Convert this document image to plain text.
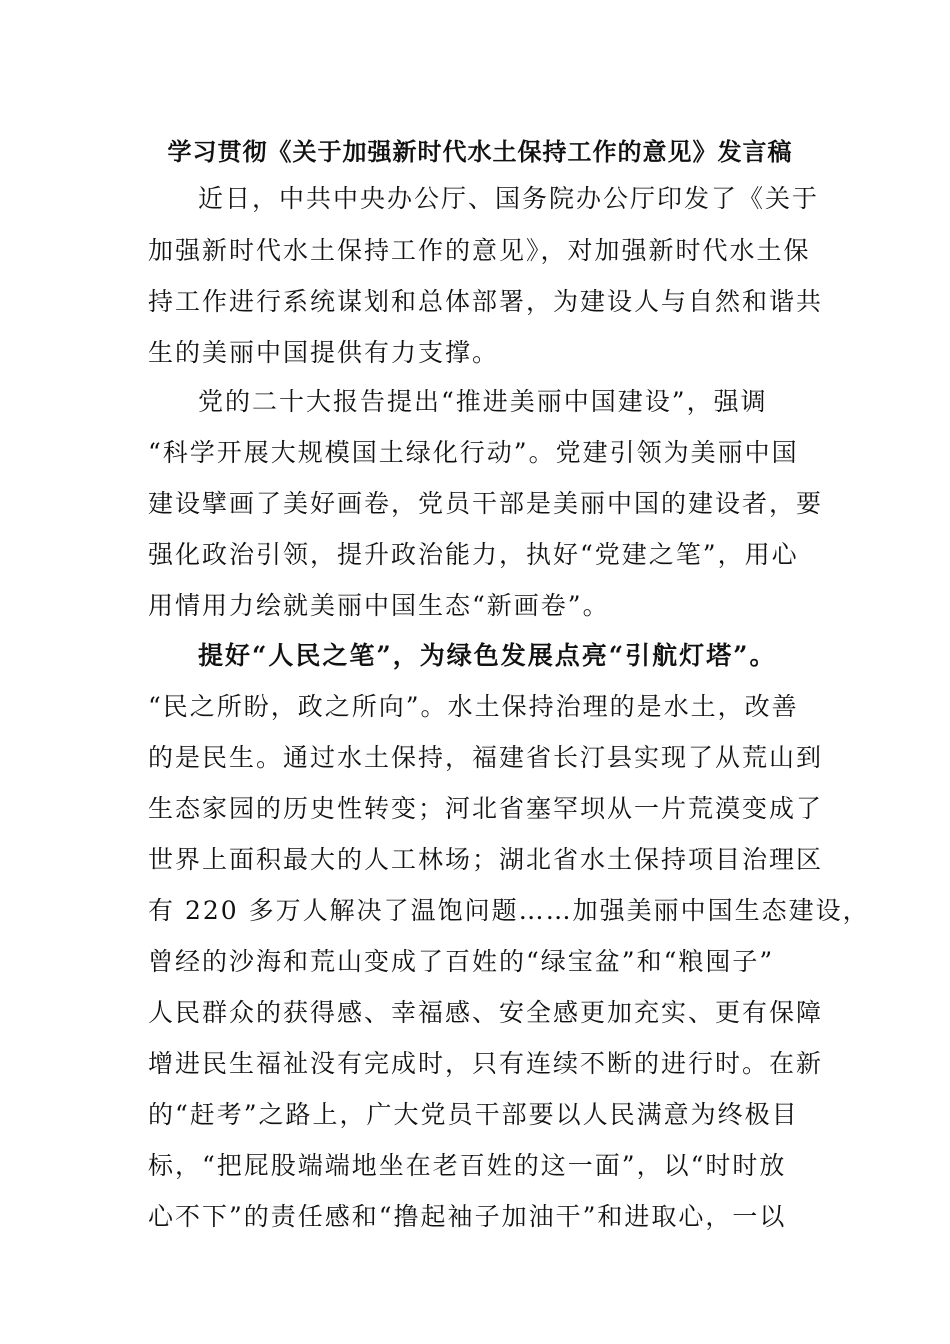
学习贯彻《关于加强新时代水土保持工作的意见》发言稿

近日，中共中央办公厅、国务院办公厅印发了《关于

加强新时代水土保持工作的意见》，对加强新时代水土保

持工作进行系统谋划和总体部署，为建设人与自然和谐共

生的美丽中国提供有力支撑。

党的二十大报告提出“推进美丽中国建设”，强调

“科学开展大规模国土绿化行动”。党建引领为美丽中国

建设擘画了美好画卷，党员干部是美丽中国的建设者，要

强化政治引领，提升政治能力，执好“党建之笔”，用心

用情用力绘就美丽中国生态“新画卷”。

提好“人民之笔”，为绿色发展点亮“引航灯塔”。

“民之所盼，政之所向”。水土保持治理的是水土，改善

的是民生。通过水土保持，福建省长汀县实现了从荒山到

生态家园的历史性转变；河北省塞罕坝从一片荒漠变成了

世界上面积最大的人工林场；湖北省水土保持项目治理区

有 220 多万人解决了温饱问题……加强美丽中国生态建设，

曾经的沙海和荒山变成了百姓的“绿宝盆”和“粮囤子”

人民群众的获得感、幸福感、安全感更加充实、更有保障

增进民生福祉没有完成时，只有连续不断的进行时。在新

的“赶考”之路上，广大党员干部要以人民满意为终极目

标，“把屁股端端地坐在老百姓的这一面”，以“时时放

心不下”的责任感和“撸起袖子加油干”和进取心，一以
